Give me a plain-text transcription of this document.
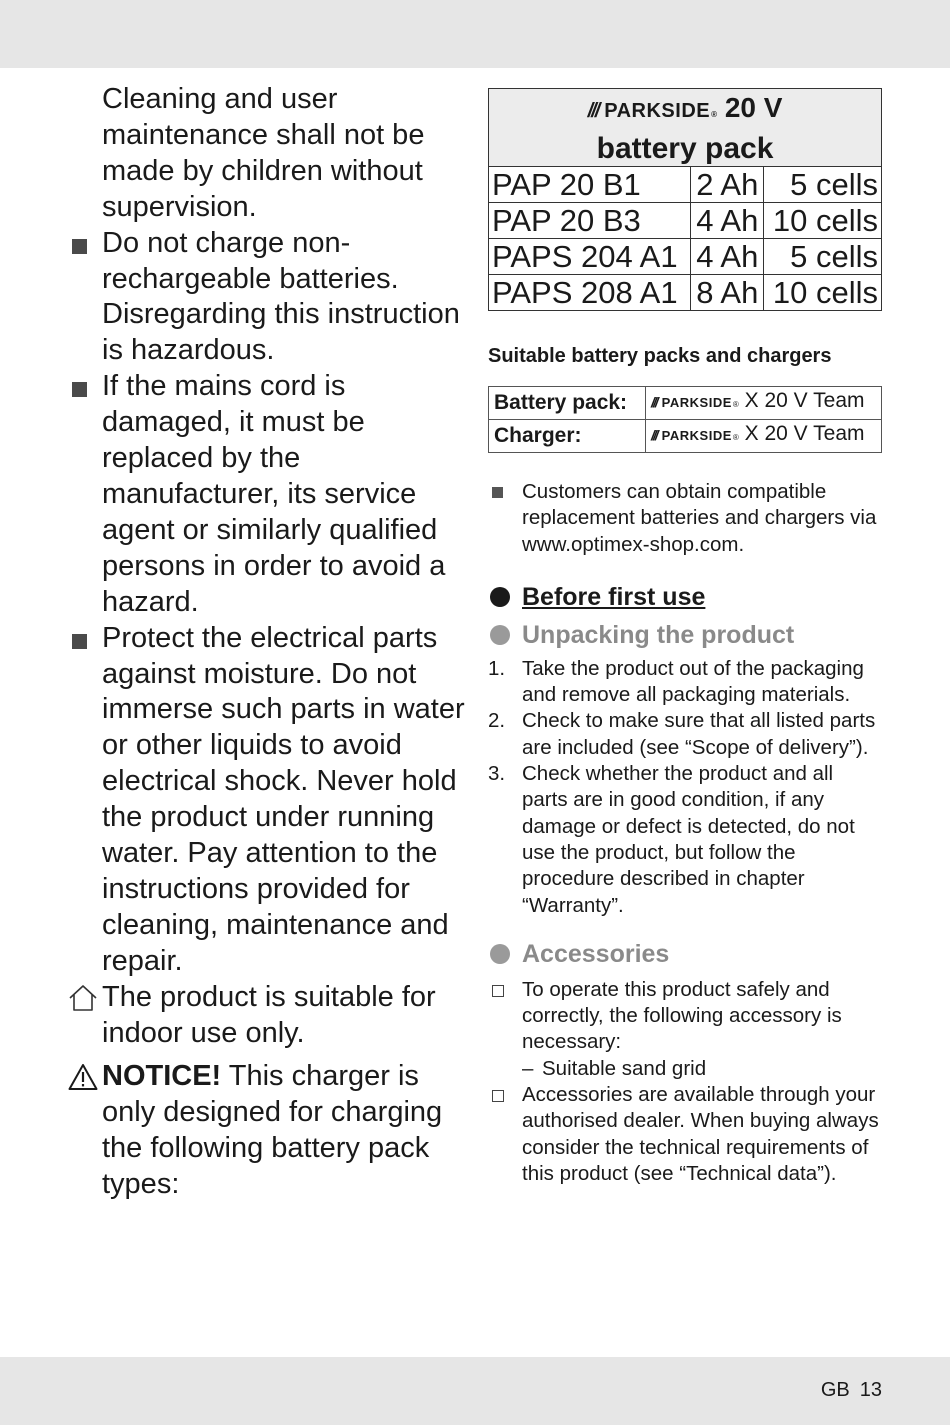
Cleaning and user maintenance shall not be made by children without supervision.

Do not charge non-rechargeable batteries. Disregarding this instruction is hazardous.

If the mains cord is damaged, it must be replaced by the manufacturer, its service agent or similarly qualified persons in order to avoid a hazard.

Protect the electrical parts against moisture. Do not immerse such parts in water or other liquids to avoid electrical shock. Never hold the product under running water. Pay attention to the instructions provided for cleaning, maintenance and repair.

The product is suitable for indoor use only.

NOTICE! This charger is only designed for charging the following battery pack types:

/// PARKSIDE ® 20 V
battery pack		

PAP 20 B1	2 Ah	5 cells
PAP 20 B3	4 Ah	10 cells
PAPS 204 A1	4 Ah	5 cells
PAPS 208 A1	8 Ah	10 cells

Suitable battery packs and chargers

Battery pack:	/// PARKSIDE ® X 20 V Team
Charger:	/// PARKSIDE ® X 20 V Team
Customers can obtain compatible replacement batteries and chargers via www.optimex-shop.com.
Before first use
Unpacking the product
1. Take the product out of the packaging and remove all packaging materials.
2. Check to make sure that all listed parts are included (see “Scope of delivery”).
3. Check whether the product and all parts are in good condition, if any damage or defect is detected, do not use the product, but follow the procedure described in chapter “Warranty”.
Accessories
To operate this product safely and correctly, the following accessory is necessary:
– Suitable sand grid
Accessories are available through your authorised dealer. When buying always consider the technical requirements of this product (see “Technical data”).
GB 13
